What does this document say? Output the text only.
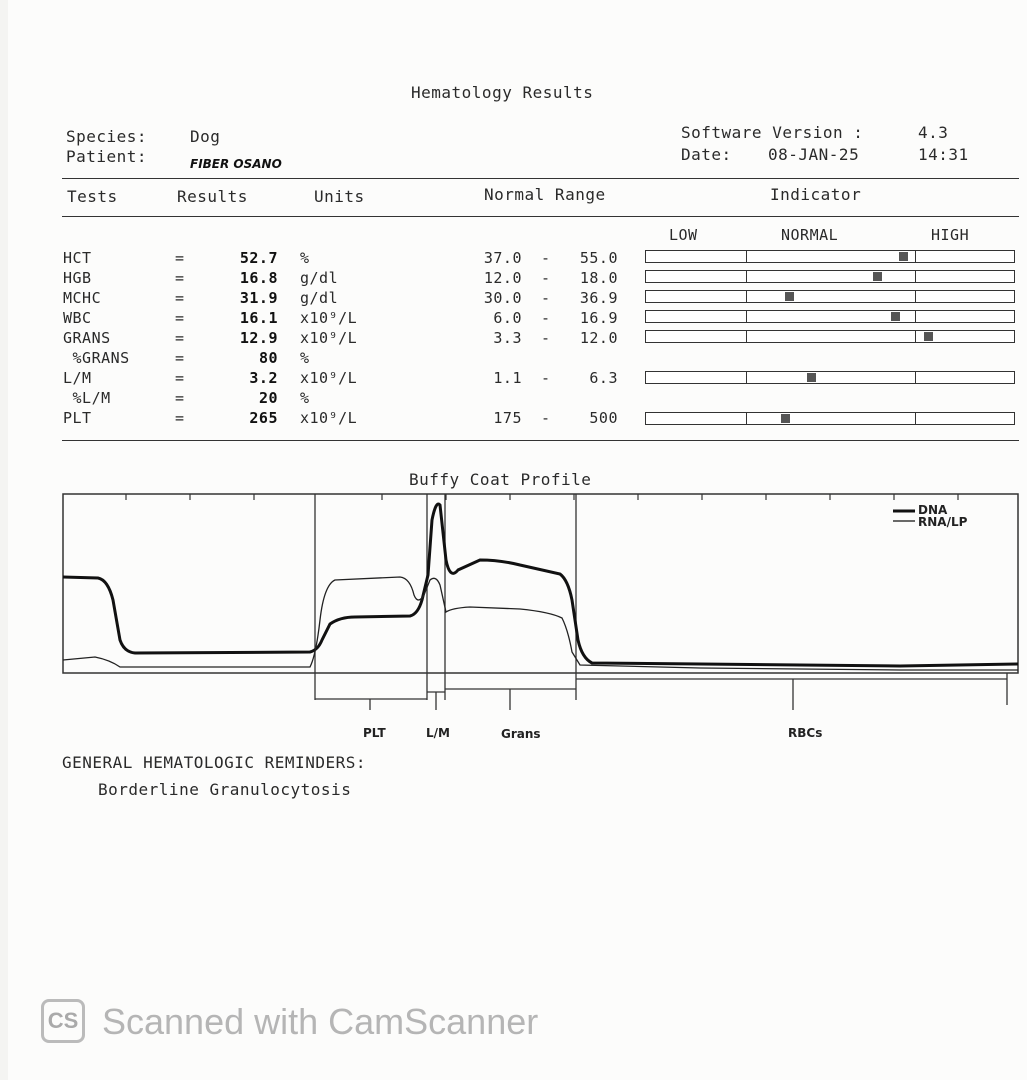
Hematology Results
Species:	Dog
Patient:	FIBER OSANO
Software Version :	4.3
Date: 08-JAN-25	14:31
Tests	Results	Units	Normal Range	Indicator
LOW	NORMAL	HIGH
HCT	=	52.7 %	37.0 -	55.0
HGB	=	16.8 g/dl	12.0 -	18.0
MCHC	=	31.9 g/dl	30.0 -	36.9
WBC	=	16.1 x10⁹/L	6.0 -	16.9
GRANS	=	12.9 x10⁹/L	3.3 -	12.0
%GRANS	=	80 %
L/M	=	3.2 x10⁹/L	1.1 -	6.3
%L/M	=	20 %
PLT	=	265 x10⁹/L	175 -	500
Buffy Coat Profile
DNA
RNA/LP
PLT	L/M	Grans	RBCs
GENERAL HEMATOLOGIC REMINDERS:
Borderline Granulocytosis
CS Scanned with CamScanner
